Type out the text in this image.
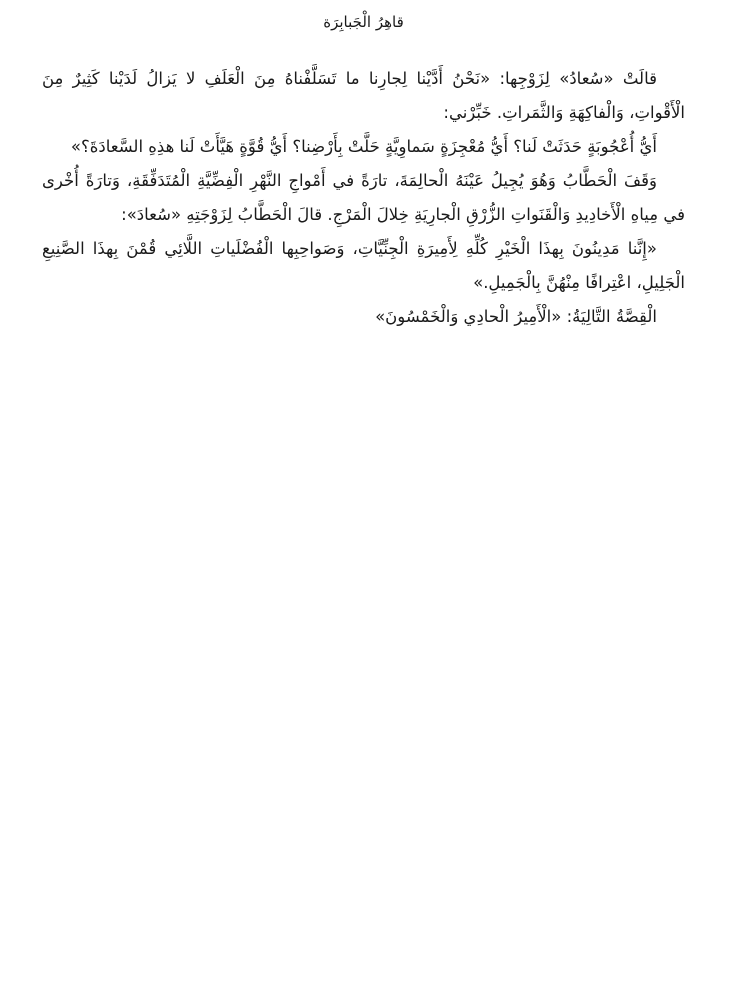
قاهِرُ الْجَبابِرَة

قالَتْ «سُعادُ» لِزَوْجِها: «نَحْنُ أَدَّيْنا لِجارِنا ما تَسَلَّفْناهُ مِنَ الْعَلَفِ لا يَزالُ لَدَيْنا كَثِيرٌ مِنَ الْأَقْواتِ، وَالْفاكِهَةِ وَالثَّمَراتِ. خَبِّرْني:

أَيُّ أُعْجُوبَةٍ حَدَثَتْ لَنا؟ أَيُّ مُعْجِزَةٍ سَماوِيَّةٍ حَلَّتْ بِأَرْضِنا؟ أَيُّ قُوَّةٍ هَيَّأَتْ لَنا هذِهِ السَّعادَةَ؟»

وَقَفَ الْحَطَّابُ وَهُوَ يُجِيلُ عَيْنَهُ الْحالِمَةَ، تارَةً في أَمْواجِ النَّهْرِ الْفِضِّيَّةِ الْمُتَدَفِّقَةِ، وَتارَةً أُخْرى في مِياهِ الْأَخادِيدِ وَالْقَنَواتِ الزُّرْقِ الْجارِيَةِ خِلالَ الْمَرْجِ. قالَ الْحَطَّابُ لِزَوْجَتِهِ «سُعادَ»:

«إِنَّنا مَدِينُونَ بِهذَا الْخَيْرِ كُلِّهِ لِأَمِيرَةِ الْجِنِّيَّاتِ، وَصَواحِبِها الْفُضْلَياتِ اللَّائِي قُمْنَ بِهذَا الصَّنِيعِ الْجَلِيلِ، اعْتِرافًا مِنْهُنَّ بِالْجَمِيلِ.»

الْقِصَّةُ التَّالِيَةُ: «الْأَمِيرُ الْحادِي وَالْخَمْسُونَ»
